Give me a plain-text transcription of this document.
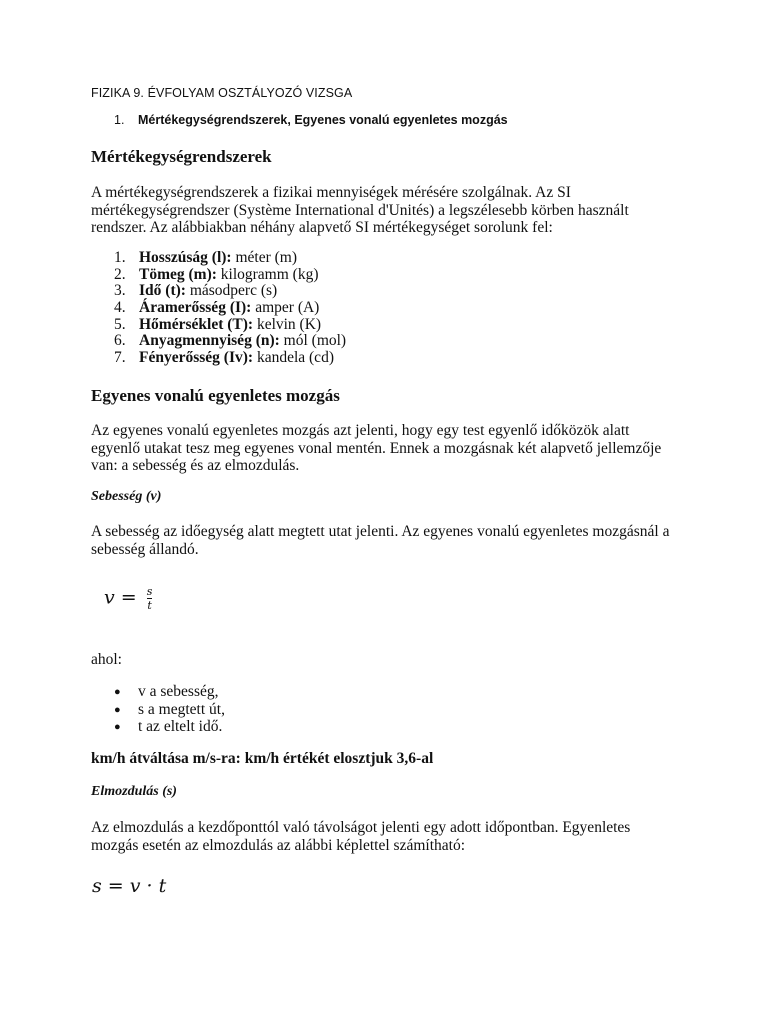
FIZIKA 9. ÉVFOLYAM OSZTÁLYOZÓ VIZSGA
1. Mértékegységrendszerek, Egyenes vonalú egyenletes mozgás
Mértékegységrendszerek

A mértékegységrendszerek a fizikai mennyiségek mérésére szolgálnak. Az SI

mértékegységrendszer (Système International d'Unités) a legszélesebb körben használt

rendszer. Az alábbiakban néhány alapvető SI mértékegységet sorolunk fel:

1. Hosszúság (l): méter (m)
2. Tömeg (m): kilogramm (kg)
3. Idő (t): másodperc (s)
4. Áramerősség (I): amper (A)
5. Hőmérséklet (T): kelvin (K)
6. Anyagmennyiség (n): mól (mol)
7. Fényerősség (Iv): kandela (cd)
Egyenes vonalú egyenletes mozgás

Az egyenes vonalú egyenletes mozgás azt jelenti, hogy egy test egyenlő időközök alatt

egyenlő utakat tesz meg egyenes vonal mentén. Ennek a mozgásnak két alapvető jellemzője

van: a sebesség és az elmozdulás.

Sebesség (v)

A sebesség az időegység alatt megtett utat jelenti. Az egyenes vonalú egyenletes mozgásnál a

sebesség állandó.

$v = \frac{s}{t}$
ahol:
● v a sebesség,
● s a megtett út,
● t az eltelt idő.
km/h átváltása m/s-ra: km/h értékét elosztjuk 3,6-al
Elmozdulás (s)

Az elmozdulás a kezdőponttól való távolságot jelenti egy adott időpontban. Egyenletes

mozgás esetén az elmozdulás az alábbi képlettel számítható:

s = v · t
